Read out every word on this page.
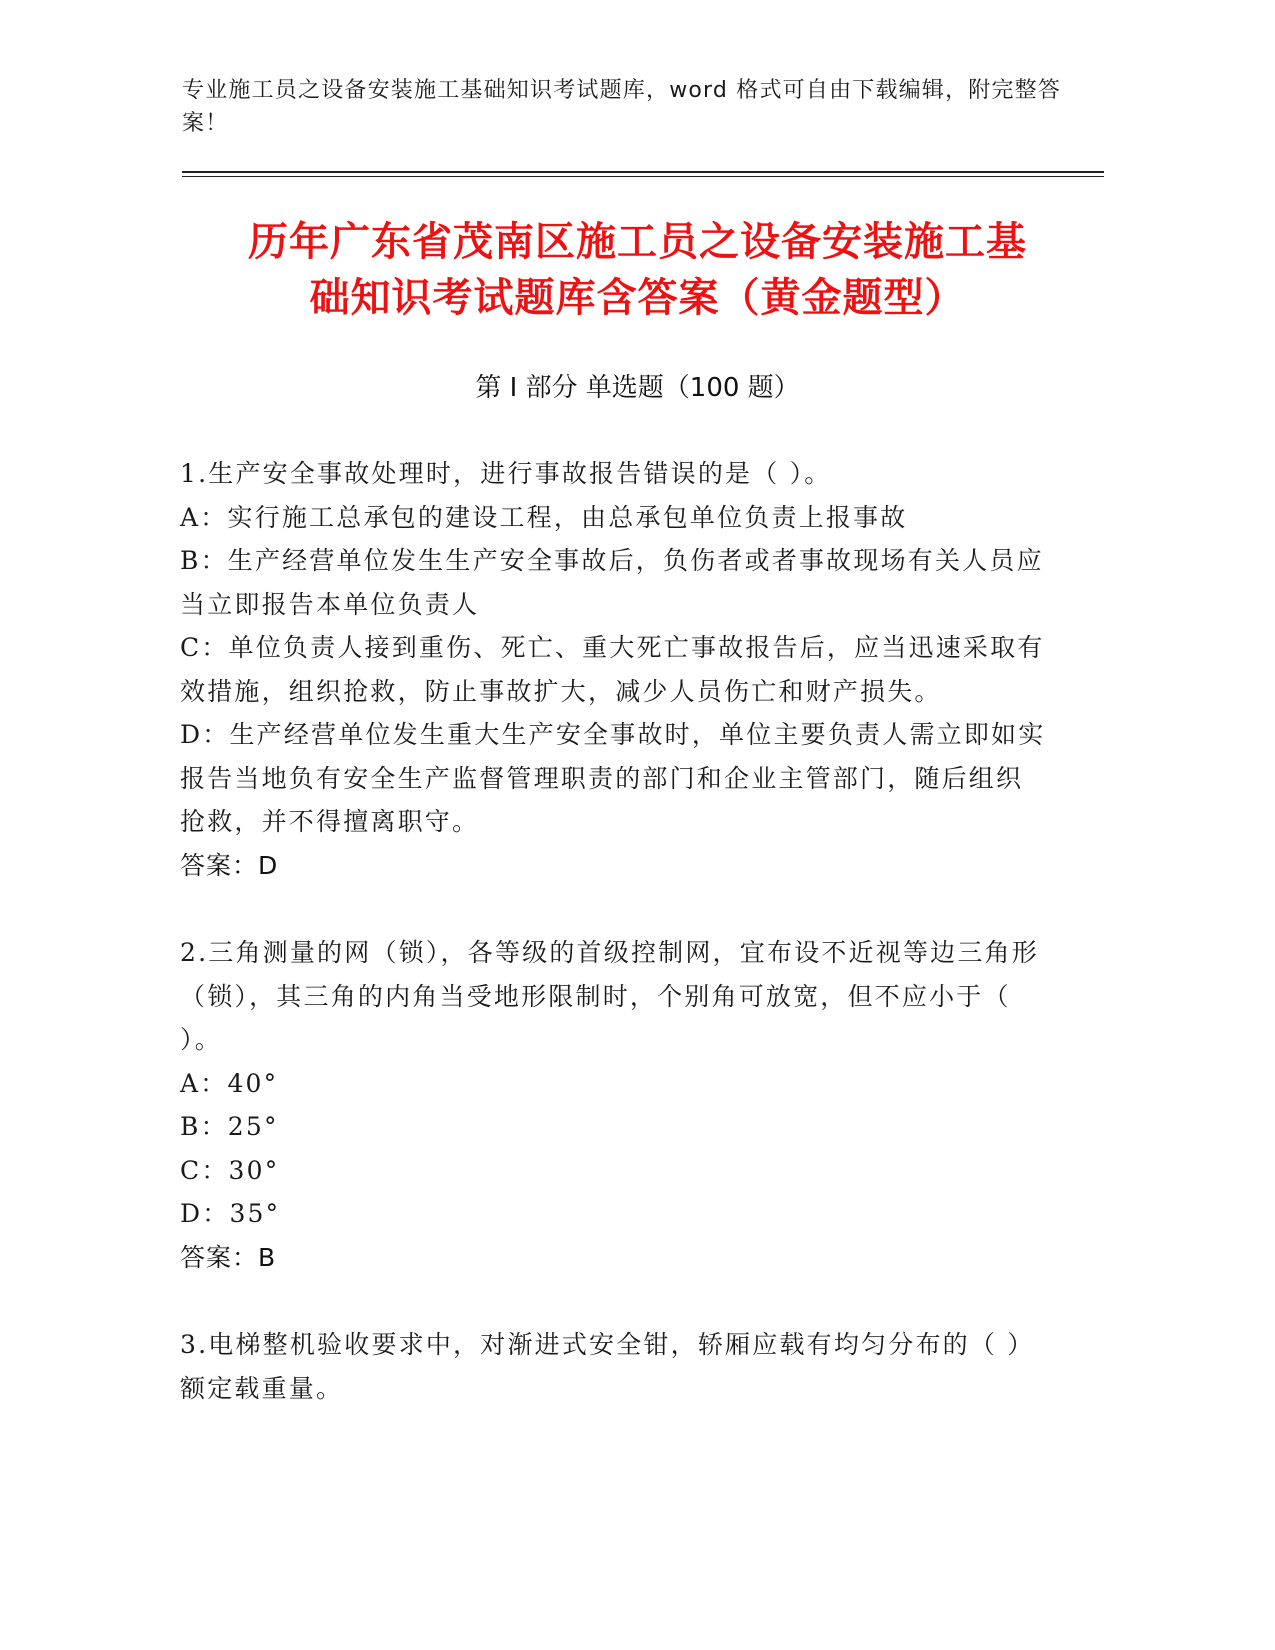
专业施工员之设备安装施工基础知识考试题库，word 格式可自由下载编辑，附完整答案！
历年广东省茂南区施工员之设备安装施工基
础知识考试题库含答案（黄金题型）
第 I 部分 单选题（100 题）

1.生产安全事故处理时，进行事故报告错误的是（ ）。

A：实行施工总承包的建设工程，由总承包单位负责上报事故

B：生产经营单位发生生产安全事故后，负伤者或者事故现场有关人员应当立即报告本单位负责人

C：单位负责人接到重伤、死亡、重大死亡事故报告后，应当迅速采取有效措施，组织抢救，防止事故扩大，减少人员伤亡和财产损失。

D：生产经营单位发生重大生产安全事故时，单位主要负责人需立即如实报告当地负有安全生产监督管理职责的部门和企业主管部门，随后组织抢救，并不得擅离职守。

答案：D

2.三角测量的网（锁），各等级的首级控制网，宜布设不近视等边三角形（锁），其三角的内角当受地形限制时，个别角可放宽，但不应小于（ ）。

A：40°

B：25°

C：30°

D：35°

答案：B

3.电梯整机验收要求中，对渐进式安全钳，轿厢应载有均匀分布的（ ）额定载重量。
